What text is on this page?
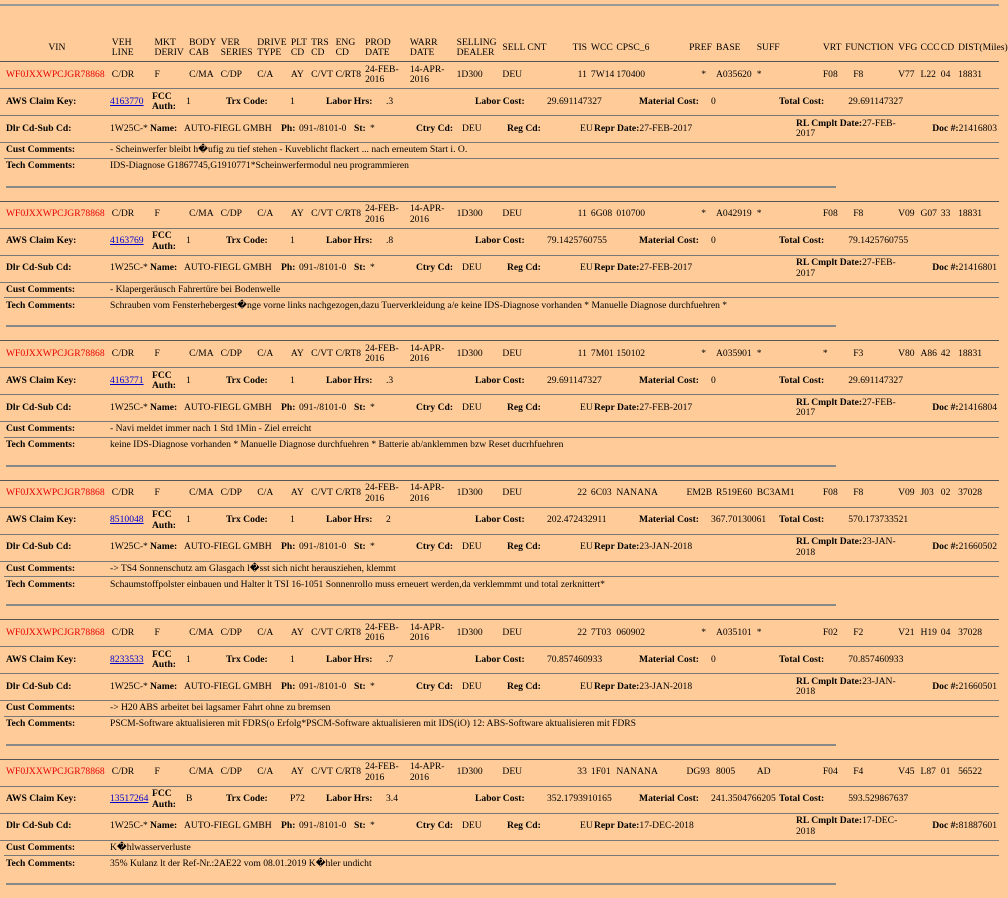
VIN	VEH LINE	MKT DERIV	BODY CAB	VER SERIES	DRIVE TYPE	PLT CD	TRS CD	ENG CD	PROD DATE	WARR DATE	SELLING DEALER	SELL CNT	TIS	WCC	CPSC_6	PREF	BASE	SUFF	VRT	FUNCTION	VFG	CCC	CD	DIST(Miles)
WF0JXXWPCJGR78868	C/DR	F	C/MA	C/DP	C/A	AY	C/VT	C/RT8	24-FEB-2016	14-APR-2016	1D300	DEU	11	7W14	170400	*	A035620	*	F08	F8	V77	L22	04	18831
AWS Claim Key:	4163770	FCC Auth:	1	Trx Code:	1	Labor Hrs:	.3	Labor Cost:	29.691147327	Material Cost:	0	Total Cost:	29.691147327
Dlr Cd-Sub Cd:	1W25C-*	Name:	AUTO-FIEGL GMBH	Ph:	091-/8101-0	St:	*	Ctry Cd:	DEU	Reg Cd:	EU	Repr Date:27-FEB-2017	RL Cmplt Date:27-FEB-2017	Doc #:21416803
Cust Comments:	- Scheinwerfer bleibt h�ufig zu tief stehen - Kuveblicht flackert ... nach erneutem Start i. O.
Tech Comments:	IDS-Diagnose G1867745,G1910771*Scheinwerfermodul neu programmieren
WF0JXXWPCJGR78868	C/DR	F	C/MA	C/DP	C/A	AY	C/VT	C/RT8	24-FEB-2016	14-APR-2016	1D300	DEU	11	6G08	010700	*	A042919	*	F08	F8	V09	G07	33	18831
AWS Claim Key:	4163769	FCC Auth:	1	Trx Code:	1	Labor Hrs:	.8	Labor Cost:	79.1425760755	Material Cost:	0	Total Cost:	79.1425760755
Dlr Cd-Sub Cd:	1W25C-*	Name:	AUTO-FIEGL GMBH	Ph:	091-/8101-0	St:	*	Ctry Cd:	DEU	Reg Cd:	EU	Repr Date:27-FEB-2017	RL Cmplt Date:27-FEB-2017	Doc #:21416801
Cust Comments:	- Klapergeräusch Fahrertüre bei Bodenwelle
Tech Comments:	Schrauben vom Fensterhebergest�nge vorne links nachgezogen,dazu Tuerverkleidung a/e keine IDS-Diagnose vorhanden * Manuelle Diagnose durchfuehren *
WF0JXXWPCJGR78868	C/DR	F	C/MA	C/DP	C/A	AY	C/VT	C/RT8	24-FEB-2016	14-APR-2016	1D300	DEU	11	7M01	150102	*	A035901	*	*	F3	V80	A86	42	18831
AWS Claim Key:	4163771	FCC Auth:	1	Trx Code:	1	Labor Hrs:	.3	Labor Cost:	29.691147327	Material Cost:	0	Total Cost:	29.691147327
Dlr Cd-Sub Cd:	1W25C-*	Name:	AUTO-FIEGL GMBH	Ph:	091-/8101-0	St:	*	Ctry Cd:	DEU	Reg Cd:	EU	Repr Date:27-FEB-2017	RL Cmplt Date:27-FEB-2017	Doc #:21416804
Cust Comments:	- Navi meldet immer nach 1 Std 1Min - Ziel erreicht
Tech Comments:	keine IDS-Diagnose vorhanden * Manuelle Diagnose durchfuehren * Batterie ab/anklemmen bzw Reset ducrhfuehren
WF0JXXWPCJGR78868	C/DR	F	C/MA	C/DP	C/A	AY	C/VT	C/RT8	24-FEB-2016	14-APR-2016	1D300	DEU	22	6C03	NANANA	EM2B	R519E60	BC3AM1	F08	F8	V09	J03	02	37028
AWS Claim Key:	8510048	FCC Auth:	1	Trx Code:	1	Labor Hrs:	2	Labor Cost:	202.472432911	Material Cost:	367.70130061	Total Cost:	570.173733521
Dlr Cd-Sub Cd:	1W25C-*	Name:	AUTO-FIEGL GMBH	Ph:	091-/8101-0	St:	*	Ctry Cd:	DEU	Reg Cd:	EU	Repr Date:23-JAN-2018	RL Cmplt Date:23-JAN-2018	Doc #:21660502
Cust Comments:	-> TS4 Sonnenschutz am Glasgach l�sst sich nicht herausziehen, klemmt
Tech Comments:	Schaumstoffpolster einbauen und Halter lt TSI 16-1051 Sonnenrollo muss erneuert werden,da verklemmmt und total zerknittert*
WF0JXXWPCJGR78868	C/DR	F	C/MA	C/DP	C/A	AY	C/VT	C/RT8	24-FEB-2016	14-APR-2016	1D300	DEU	22	7T03	060902	*	A035101	*	F02	F2	V21	H19	04	37028
AWS Claim Key:	8233533	FCC Auth:	1	Trx Code:	1	Labor Hrs:	.7	Labor Cost:	70.857460933	Material Cost:	0	Total Cost:	70.857460933
Dlr Cd-Sub Cd:	1W25C-*	Name:	AUTO-FIEGL GMBH	Ph:	091-/8101-0	St:	*	Ctry Cd:	DEU	Reg Cd:	EU	Repr Date:23-JAN-2018	RL Cmplt Date:23-JAN-2018	Doc #:21660501
Cust Comments:	-> H20 ABS arbeitet bei lagsamer Fahrt ohne zu bremsen
Tech Comments:	PSCM-Software aktualisieren mit FDRS(o Erfolg*PSCM-Software aktualisieren mit IDS(iO) 12: ABS-Software aktualisieren mit FDRS
WF0JXXWPCJGR78868	C/DR	F	C/MA	C/DP	C/A	AY	C/VT	C/RT8	24-FEB-2016	14-APR-2016	1D300	DEU	33	1F01	NANANA	DG93	8005	AD	F04	F4	V45	L87	01	56522
AWS Claim Key:	13517264	FCC Auth:	B	Trx Code:	P72	Labor Hrs:	3.4	Labor Cost:	352.1793910165	Material Cost:	241.3504766205	Total Cost:	593.529867637
Dlr Cd-Sub Cd:	1W25C-*	Name:	AUTO-FIEGL GMBH	Ph:	091-/8101-0	St:	*	Ctry Cd:	DEU	Reg Cd:	EU	Repr Date:17-DEC-2018	RL Cmplt Date:17-DEC-2018	Doc #:81887601
Cust Comments:	K�hlwasserverluste
Tech Comments:	35% Kulanz lt der Ref-Nr.:2AE22 vom 08.01.2019 K�hler undicht
